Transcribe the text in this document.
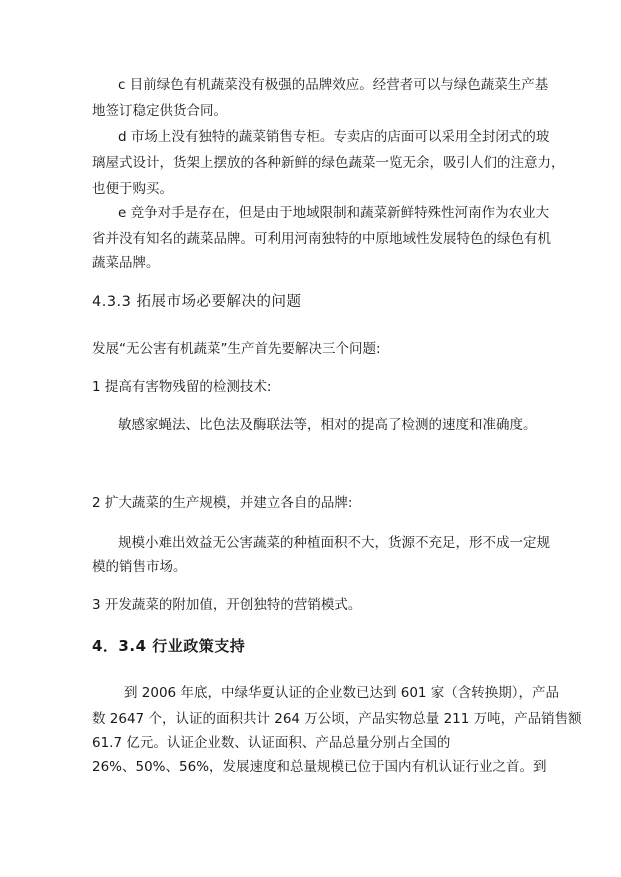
c 目前绿色有机蔬菜没有极强的品牌效应。经营者可以与绿色蔬菜生产基
地签订稳定供货合同。
d 市场上没有独特的蔬菜销售专柜。专卖店的店面可以采用全封闭式的玻
璃屋式设计，货架上摆放的各种新鲜的绿色蔬菜一览无余，吸引人们的注意力，
也便于购买。
e 竞争对手是存在，但是由于地域限制和蔬菜新鲜特殊性河南作为农业大
省并没有知名的蔬菜品牌。可利用河南独特的中原地域性发展特色的绿色有机
蔬菜品牌。
4.3.3 拓展市场必要解决的问题
发展“无公害有机蔬菜”生产首先要解决三个问题:
1 提高有害物残留的检测技术:
敏感家蝇法、比色法及酶联法等，相对的提高了检测的速度和准确度。
2 扩大蔬菜的生产规模，并建立各自的品牌:
规模小难出效益无公害蔬菜的种植面积不大，货源不充足，形不成一定规
模的销售市场。
3 开发蔬菜的附加值，开创独特的营销模式。
4．3.4 行业政策支持
到 2006 年底，中绿华夏认证的企业数已达到 601 家（含转换期），产品
数 2647 个，认证的面积共计 264 万公顷，产品实物总量 211 万吨，产品销售额
61.7 亿元。认证企业数、认证面积、产品总量分别占全国的
26%、50%、56%，发展速度和总量规模已位于国内有机认证行业之首。到
